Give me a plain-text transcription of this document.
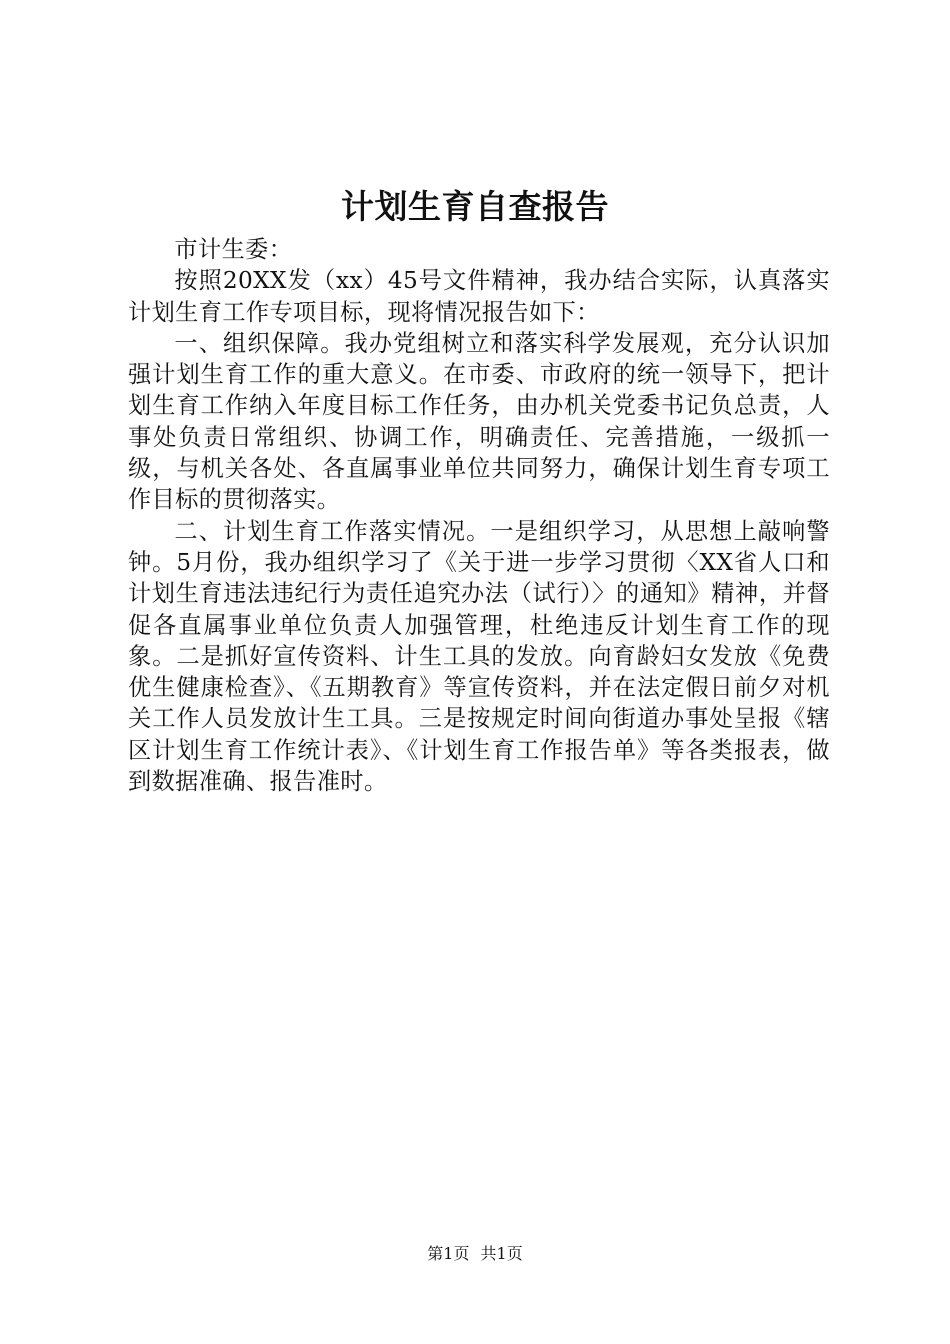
计划生育自查报告

市计生委：

按照20XX发（xx）45号文件精神，我办结合实际，认真落实计划生育工作专项目标，现将情况报告如下：

一、组织保障。我办党组树立和落实科学发展观，充分认识加强计划生育工作的重大意义。在市委、市政府的统一领导下，把计划生育工作纳入年度目标工作任务，由办机关党委书记负总责，人事处负责日常组织、协调工作，明确责任、完善措施，一级抓一级，与机关各处、各直属事业单位共同努力，确保计划生育专项工作目标的贯彻落实。

二、计划生育工作落实情况。一是组织学习，从思想上敲响警钟。5月份，我办组织学习了《关于进一步学习贯彻〈XX省人口和计划生育违法违纪行为责任追究办法（试行）〉的通知》精神，并督促各直属事业单位负责人加强管理，杜绝违反计划生育工作的现象。二是抓好宣传资料、计生工具的发放。向育龄妇女发放《免费优生健康检查》、《五期教育》等宣传资料，并在法定假日前夕对机关工作人员发放计生工具。三是按规定时间向街道办事处呈报《辖区计划生育工作统计表》、《计划生育工作报告单》等各类报表，做到数据准确、报告准时。

第1页 共1页
